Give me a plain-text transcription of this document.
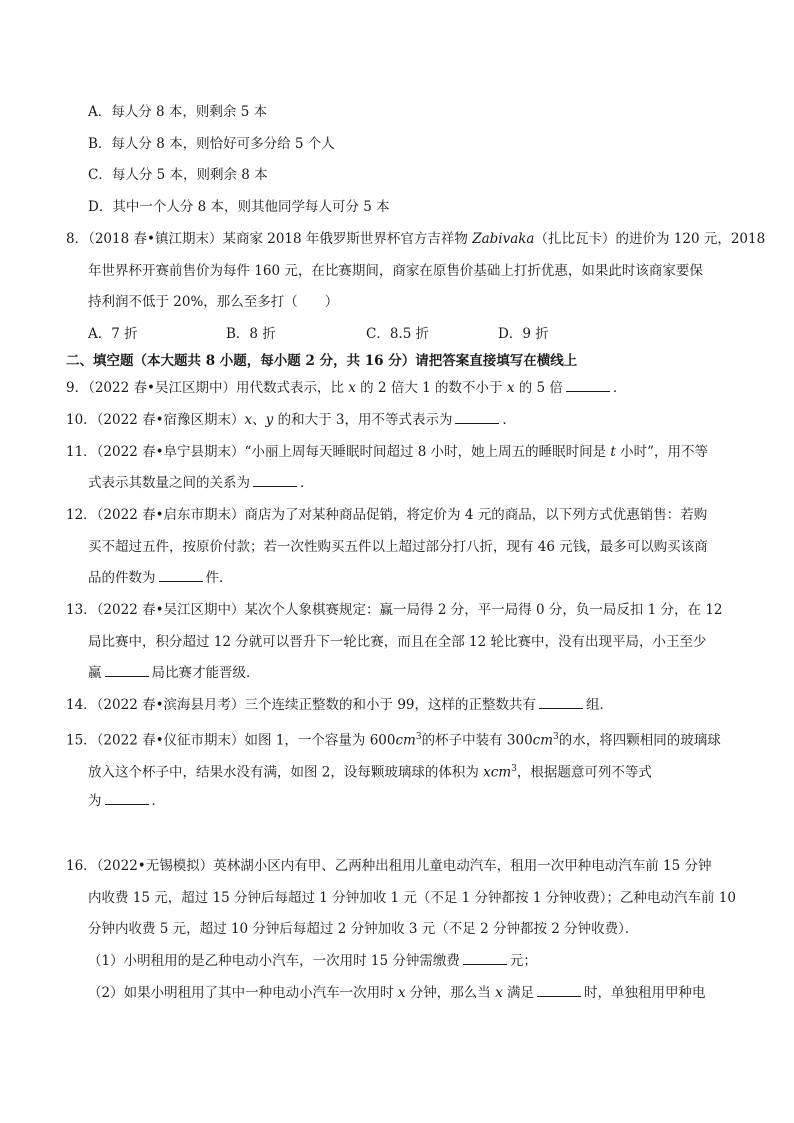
A．每人分 8 本，则剩余 5 本
B．每人分 8 本，则恰好可多分给 5 个人
C．每人分 5 本，则剩余 8 本
D．其中一个人分 8 本，则其他同学每人可分 5 本
8．（2018 春•镇江期末）某商家 2018 年俄罗斯世界杯官方吉祥物 Zabivaka（扎比瓦卡）的进价为 120 元，2018
年世界杯开赛前售价为每件 160 元，在比赛期间，商家在原售价基础上打折优惠，如果此时该商家要保
持利润不低于 20%，那么至多打（　　）
A．7 折	B．8 折	C．8.5 折	D．9 折
二、填空题（本大题共 8 小题，每小题 2 分，共 16 分）请把答案直接填写在横线上
9．（2022 春•吴江区期中）用代数式表示，比 x 的 2 倍大 1 的数不小于 x 的 5 倍	．
10．（2022 春•宿豫区期末）x、y 的和大于 3，用不等式表示为	．
11．（2022 春•阜宁县期末）“小丽上周每天睡眠时间超过 8 小时，她上周五的睡眠时间是 t 小时”，用不等
式表示其数量之间的关系为	．
12．（2022 春•启东市期末）商店为了对某种商品促销，将定价为 4 元的商品，以下列方式优惠销售：若购
买不超过五件，按原价付款；若一次性购买五件以上超过部分打八折，现有 46 元钱，最多可以购买该商
品的件数为	件．
13．（2022 春•吴江区期中）某次个人象棋赛规定：赢一局得 2 分，平一局得 0 分，负一局反扣 1 分，在 12
局比赛中，积分超过 12 分就可以晋升下一轮比赛，而且在全部 12 轮比赛中，没有出现平局，小王至少
赢	局比赛才能晋级．
14．（2022 春•滨海县月考）三个连续正整数的和小于 99，这样的正整数共有	组．
15．（2022 春•仪征市期末）如图 1，一个容量为 $600cm^3$的杯子中装有 $300cm^3$的水，将四颗相同的玻璃球
放入这个杯子中，结果水没有满，如图 2，设每颗玻璃球的体积为 xcm$^3$，根据题意可列不等式
为	．
16．（2022•无锡模拟）英林湖小区内有甲、乙两种出租用儿童电动汽车，租用一次甲种电动汽车前 15 分钟
内收费 15 元，超过 15 分钟后每超过 1 分钟加收 1 元（不足 1 分钟都按 1 分钟收费）；乙种电动汽车前 10
分钟内收费 5 元，超过 10 分钟后每超过 2 分钟加收 3 元（不足 2 分钟都按 2 分钟收费）．
（1）小明租用的是乙种电动小汽车，一次用时 15 分钟需缴费	元；
（2）如果小明租用了其中一种电动小汽车一次用时 x 分钟，那么当 x 满足	时，单独租用甲种电
